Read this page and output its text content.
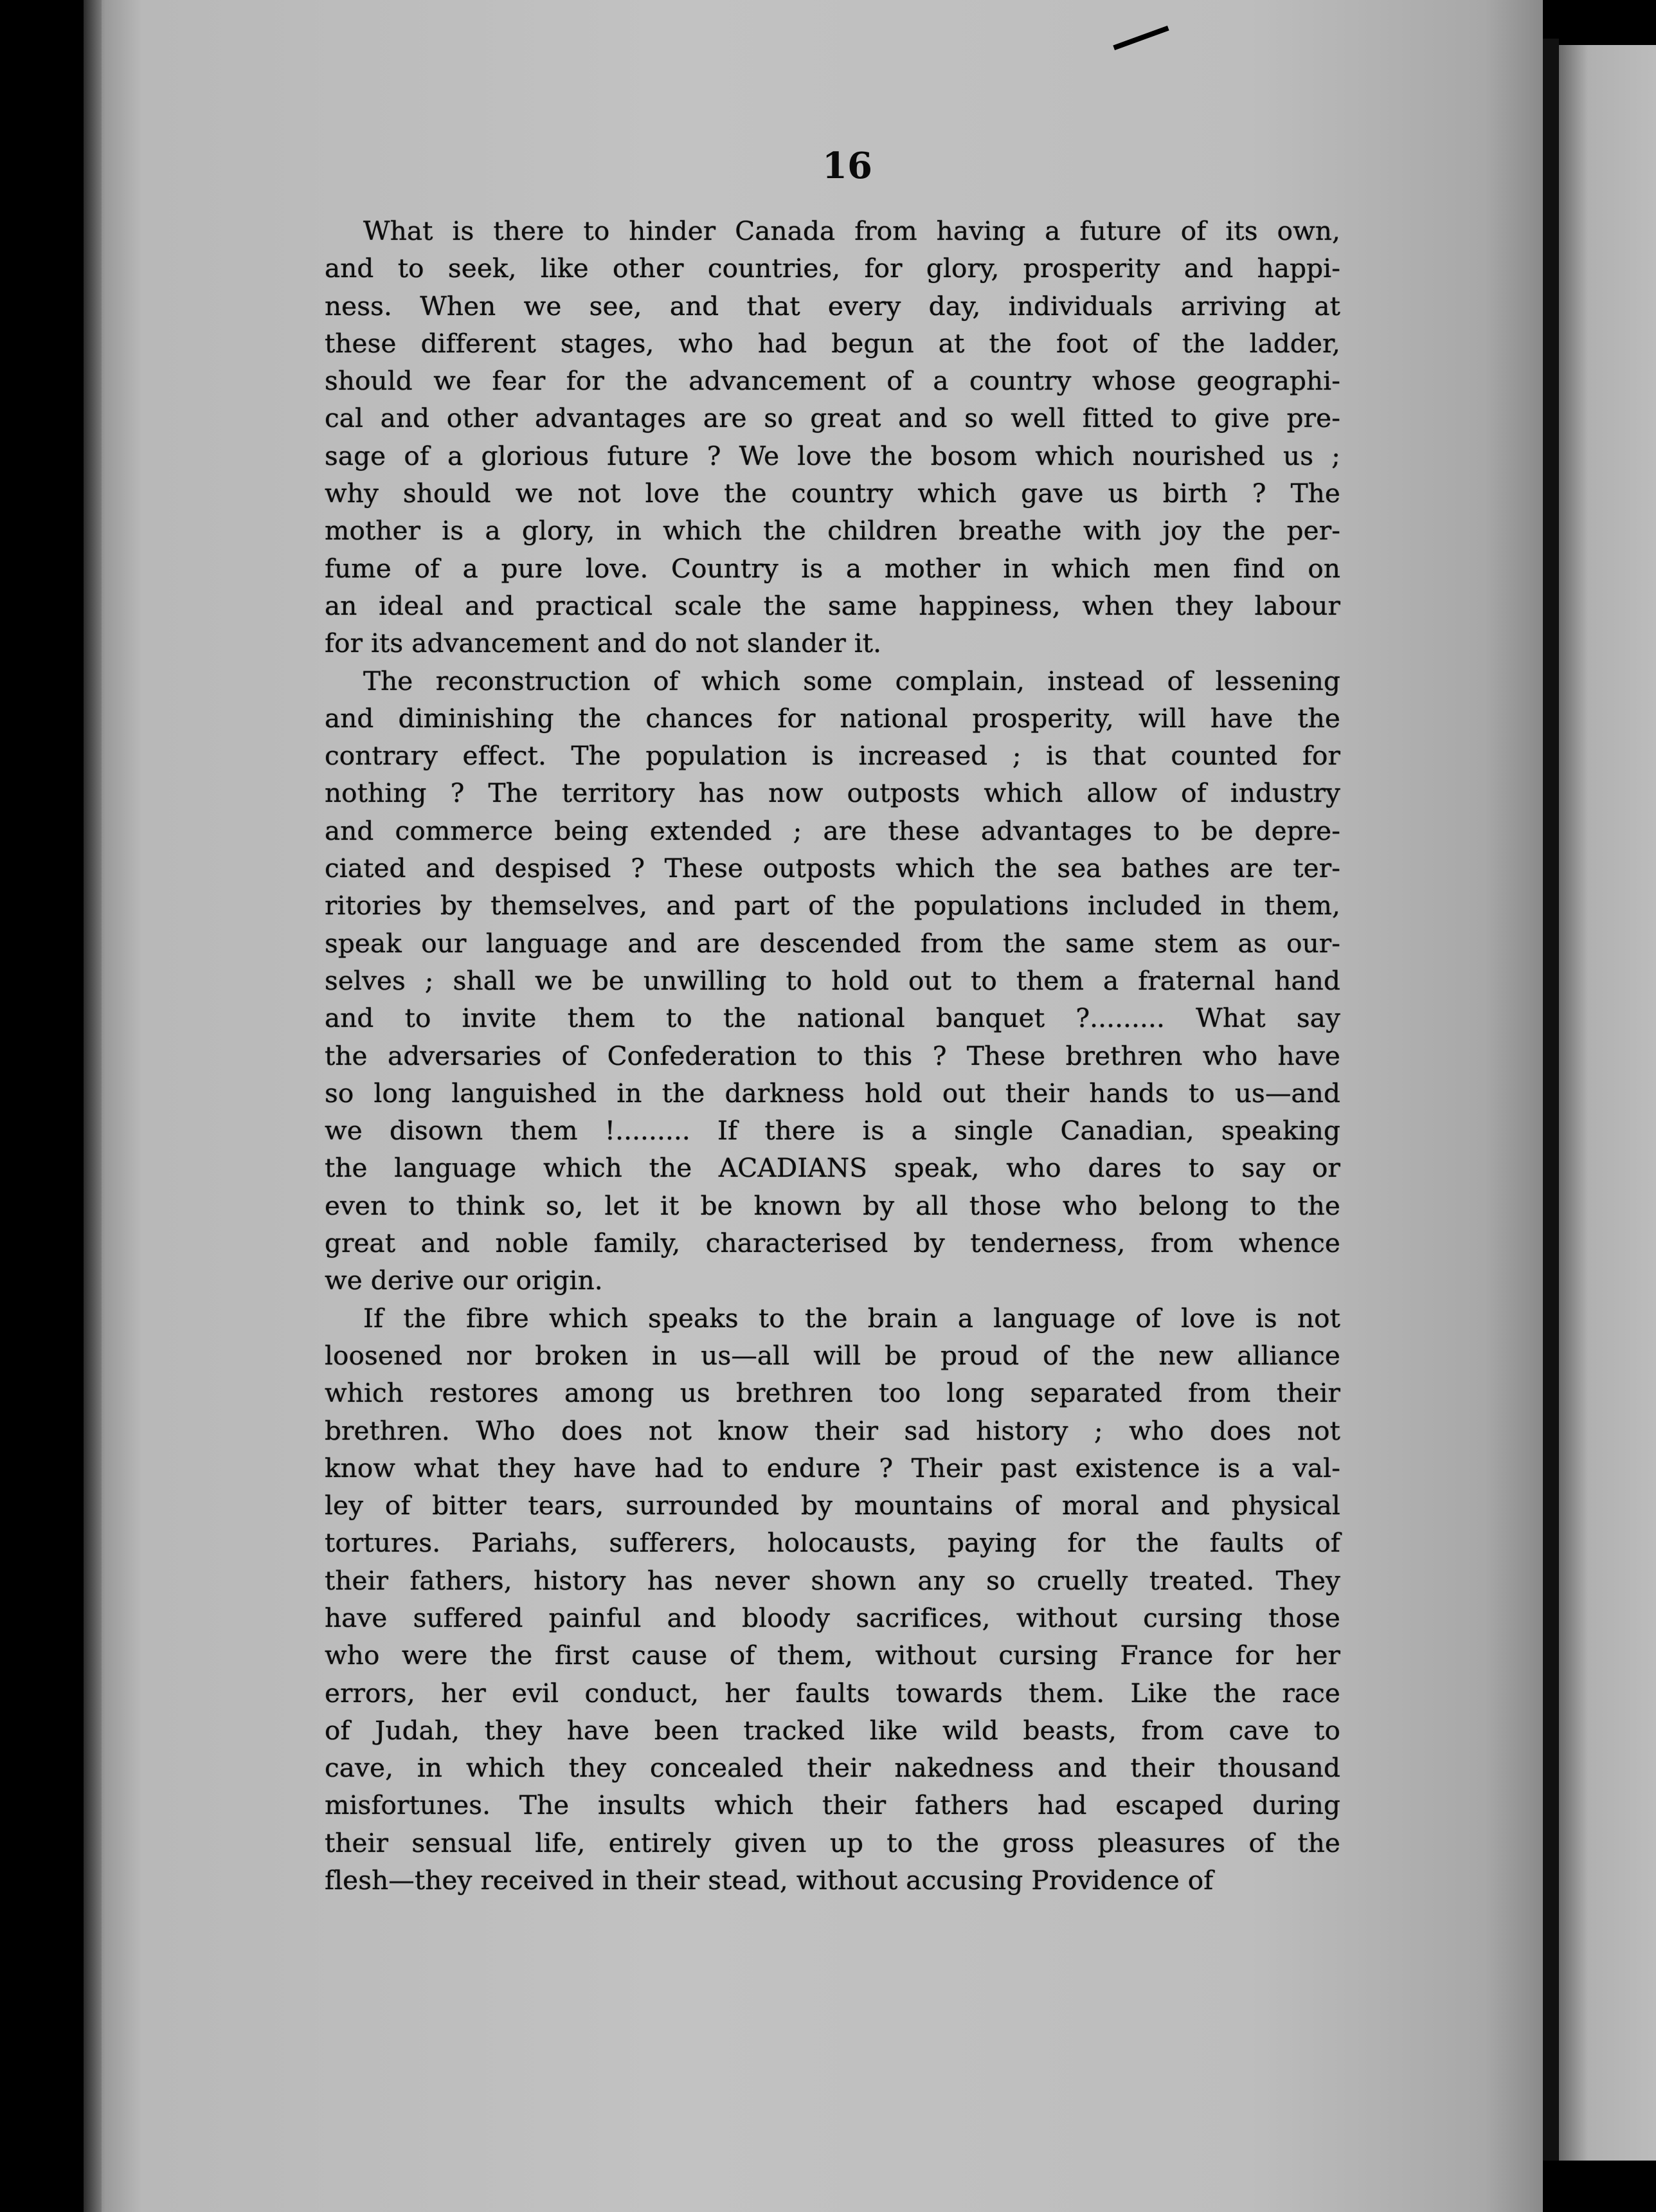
16
What is there to hinder Canada from having a future of its own,
and to seek, like other countries, for glory, prosperity and happi-
ness. When we see, and that every day, individuals arriving at
these different stages, who had begun at the foot of the ladder,
should we fear for the advancement of a country whose geographi-
cal and other advantages are so great and so well fitted to give pre-
sage of a glorious future ? We love the bosom which nourished us ;
why should we not love the country which gave us birth ? The
mother is a glory, in which the children breathe with joy the per-
fume of a pure love. Country is a mother in which men find on
an ideal and practical scale the same happiness, when they labour
for its advancement and do not slander it.
The reconstruction of which some complain, instead of lessening
and diminishing the chances for national prosperity, will have the
contrary effect. The population is increased ; is that counted for
nothing ? The territory has now outposts which allow of industry
and commerce being extended ; are these advantages to be depre-
ciated and despised ? These outposts which the sea bathes are ter-
ritories by themselves, and part of the populations included in them,
speak our language and are descended from the same stem as our-
selves ; shall we be unwilling to hold out to them a fraternal hand
and to invite them to the national banquet ?......... What say
the adversaries of Confederation to this ? These brethren who have
so long languished in the darkness hold out their hands to us—and
we disown them !......... If there is a single Canadian, speaking
the language which the ACADIANS speak, who dares to say or
even to think so, let it be known by all those who belong to the
great and noble family, characterised by tenderness, from whence
we derive our origin.
If the fibre which speaks to the brain a language of love is not
loosened nor broken in us—all will be proud of the new alliance
which restores among us brethren too long separated from their
brethren. Who does not know their sad history ; who does not
know what they have had to endure ? Their past existence is a val-
ley of bitter tears, surrounded by mountains of moral and physical
tortures. Pariahs, sufferers, holocausts, paying for the faults of
their fathers, history has never shown any so cruelly treated. They
have suffered painful and bloody sacrifices, without cursing those
who were the first cause of them, without cursing France for her
errors, her evil conduct, her faults towards them. Like the race
of Judah, they have been tracked like wild beasts, from cave to
cave, in which they concealed their nakedness and their thousand
misfortunes. The insults which their fathers had escaped during
their sensual life, entirely given up to the gross pleasures of the
flesh—they received in their stead, without accusing Providence of
